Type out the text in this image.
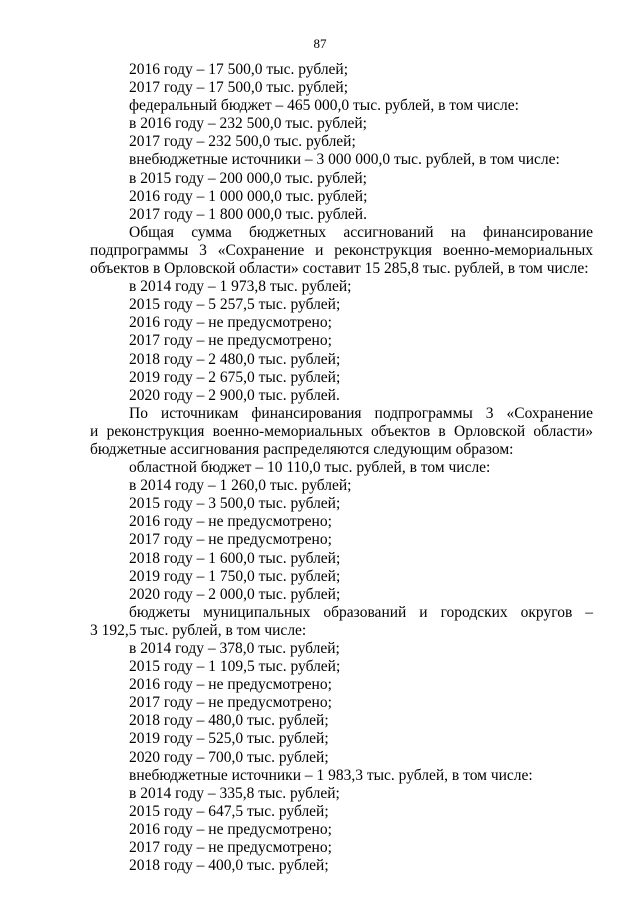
87
2016 году – 17 500,0 тыс. рублей;
2017 году – 17 500,0 тыс. рублей;
федеральный бюджет – 465 000,0 тыс. рублей, в том числе:
в 2016 году – 232 500,0 тыс. рублей;
2017 году – 232 500,0 тыс. рублей;
внебюджетные источники – 3 000 000,0 тыс. рублей, в том числе:
в 2015 году – 200 000,0 тыс. рублей;
2016 году – 1 000 000,0 тыс. рублей;
2017 году – 1 800 000,0 тыс. рублей.
Общая сумма бюджетных ассигнований на финансирование
подпрограммы 3 «Сохранение и реконструкция военно-мемориальных
объектов в Орловской области» составит 15 285,8 тыс. рублей, в том числе:
в 2014 году – 1 973,8 тыс. рублей;
2015 году – 5 257,5 тыс. рублей;
2016 году – не предусмотрено;
2017 году – не предусмотрено;
2018 году – 2 480,0 тыс. рублей;
2019 году – 2 675,0 тыс. рублей;
2020 году – 2 900,0 тыс. рублей.
По источникам финансирования подпрограммы 3 «Сохранение
и реконструкция военно-мемориальных объектов в Орловской области»
бюджетные ассигнования распределяются следующим образом:
областной бюджет – 10 110,0 тыс. рублей, в том числе:
в 2014 году – 1 260,0 тыс. рублей;
2015 году – 3 500,0 тыс. рублей;
2016 году – не предусмотрено;
2017 году – не предусмотрено;
2018 году – 1 600,0 тыс. рублей;
2019 году – 1 750,0 тыс. рублей;
2020 году – 2 000,0 тыс. рублей;
бюджеты муниципальных образований и городских округов –
3 192,5 тыс. рублей, в том числе:
в 2014 году – 378,0 тыс. рублей;
2015 году – 1 109,5 тыс. рублей;
2016 году – не предусмотрено;
2017 году – не предусмотрено;
2018 году – 480,0 тыс. рублей;
2019 году – 525,0 тыс. рублей;
2020 году – 700,0 тыс. рублей;
внебюджетные источники – 1 983,3 тыс. рублей, в том числе:
в 2014 году – 335,8 тыс. рублей;
2015 году – 647,5 тыс. рублей;
2016 году – не предусмотрено;
2017 году – не предусмотрено;
2018 году – 400,0 тыс. рублей;
